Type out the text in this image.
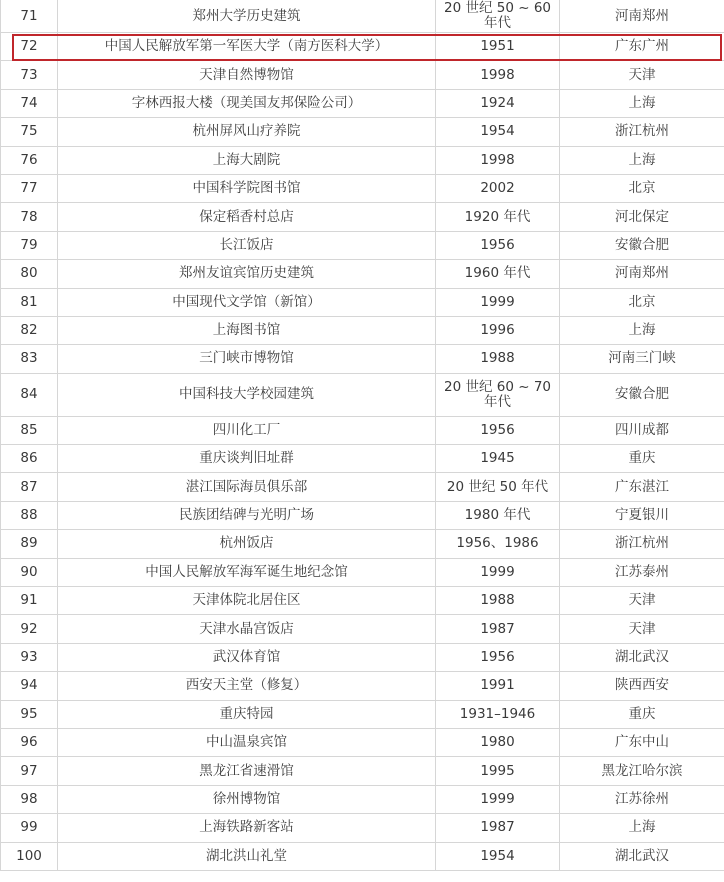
71	郑州大学历史建筑	20 世纪 50 ~ 60 年代	河南郑州
72	中国人民解放军第一军医大学（南方医科大学）	1951	广东广州
73	天津自然博物馆	1998	天津
74	字林西报大楼（现美国友邦保险公司）	1924	上海
75	杭州屏风山疗养院	1954	浙江杭州
76	上海大剧院	1998	上海
77	中国科学院图书馆	2002	北京
78	保定稻香村总店	1920 年代	河北保定
79	长江饭店	1956	安徽合肥
80	郑州友谊宾馆历史建筑	1960 年代	河南郑州
81	中国现代文学馆（新馆）	1999	北京
82	上海图书馆	1996	上海
83	三门峡市博物馆	1988	河南三门峡
84	中国科技大学校园建筑	20 世纪 60 ~ 70 年代	安徽合肥
85	四川化工厂	1956	四川成都
86	重庆谈判旧址群	1945	重庆
87	湛江国际海员俱乐部	20 世纪 50 年代	广东湛江
88	民族团结碑与光明广场	1980 年代	宁夏银川
89	杭州饭店	1956、1986	浙江杭州
90	中国人民解放军海军诞生地纪念馆	1999	江苏泰州
91	天津体院北居住区	1988	天津
92	天津水晶宫饭店	1987	天津
93	武汉体育馆	1956	湖北武汉
94	西安天主堂（修复）	1991	陕西西安
95	重庆特园	1931–1946	重庆
96	中山温泉宾馆	1980	广东中山
97	黑龙江省速滑馆	1995	黑龙江哈尔滨
98	徐州博物馆	1999	江苏徐州
99	上海铁路新客站	1987	上海
100	湖北洪山礼堂	1954	湖北武汉
